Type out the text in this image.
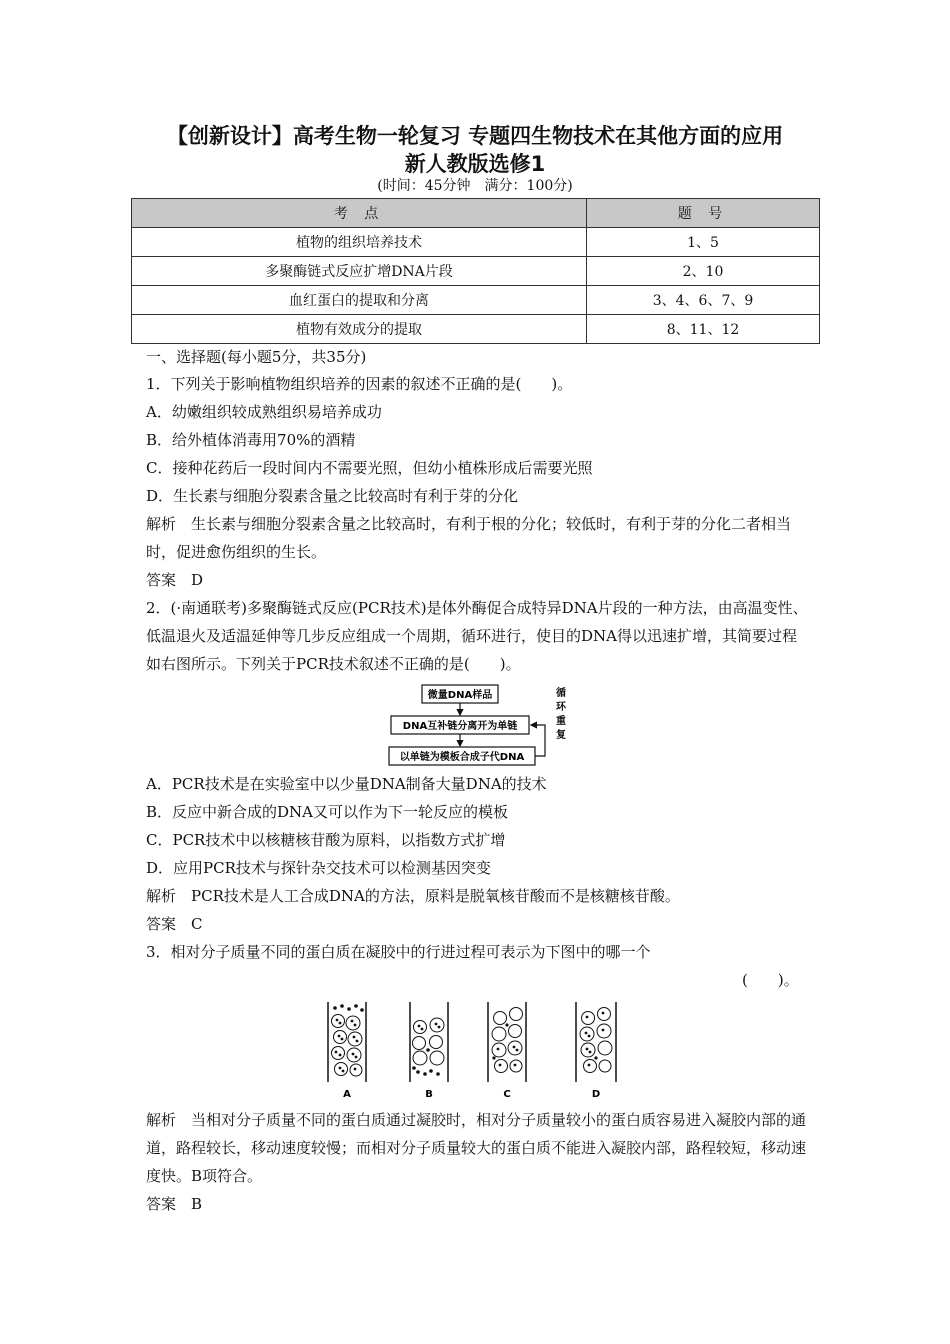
【创新设计】高考生物一轮复习 专题四生物技术在其他方面的应用
新人教版选修1
(时间：45分钟　满分：100分)
考 点	题 号
植物的组织培养技术	1、5
多聚酶链式反应扩增DNA片段	2、10
血红蛋白的提取和分离	3、4、6、7、9
植物有效成分的提取	8、11、12
一、选择题(每小题5分，共35分)
1．下列关于影响植物组织培养的因素的叙述不正确的是(　　)。
A．幼嫩组织较成熟组织易培养成功
B．给外植体消毒用70%的酒精
C．接种花药后一段时间内不需要光照，但幼小植株形成后需要光照
D．生长素与细胞分裂素含量之比较高时有利于芽的分化
解析　生长素与细胞分裂素含量之比较高时，有利于根的分化；较低时，有利于芽的分化二者相当时，促进愈伤组织的生长。
答案　D
2．(·南通联考)多聚酶链式反应(PCR技术)是体外酶促合成特异DNA片段的一种方法，由高温变性、低温退火及适温延伸等几步反应组成一个周期，循环进行，使目的DNA得以迅速扩增，其简要过程如右图所示。下列关于PCR技术叙述不正确的是(　　)。
微量DNA样品
DNA互补链分离开为单链
以单链为模板合成子代DNA
循
环
重
复
A．PCR技术是在实验室中以少量DNA制备大量DNA的技术
B．反应中新合成的DNA又可以作为下一轮反应的模板
C．PCR技术中以核糖核苷酸为原料，以指数方式扩增
D．应用PCR技术与探针杂交技术可以检测基因突变
解析　PCR技术是人工合成DNA的方法，原料是脱氧核苷酸而不是核糖核苷酸。
答案　C
3．相对分子质量不同的蛋白质在凝胶中的行进过程可表示为下图中的哪一个
(　　)。
A	B	C	D
解析　当相对分子质量不同的蛋白质通过凝胶时，相对分子质量较小的蛋白质容易进入凝胶内部的通道，路程较长，移动速度较慢；而相对分子质量较大的蛋白质不能进入凝胶内部，路程较短，移动速度快。B项符合。
答案　B
